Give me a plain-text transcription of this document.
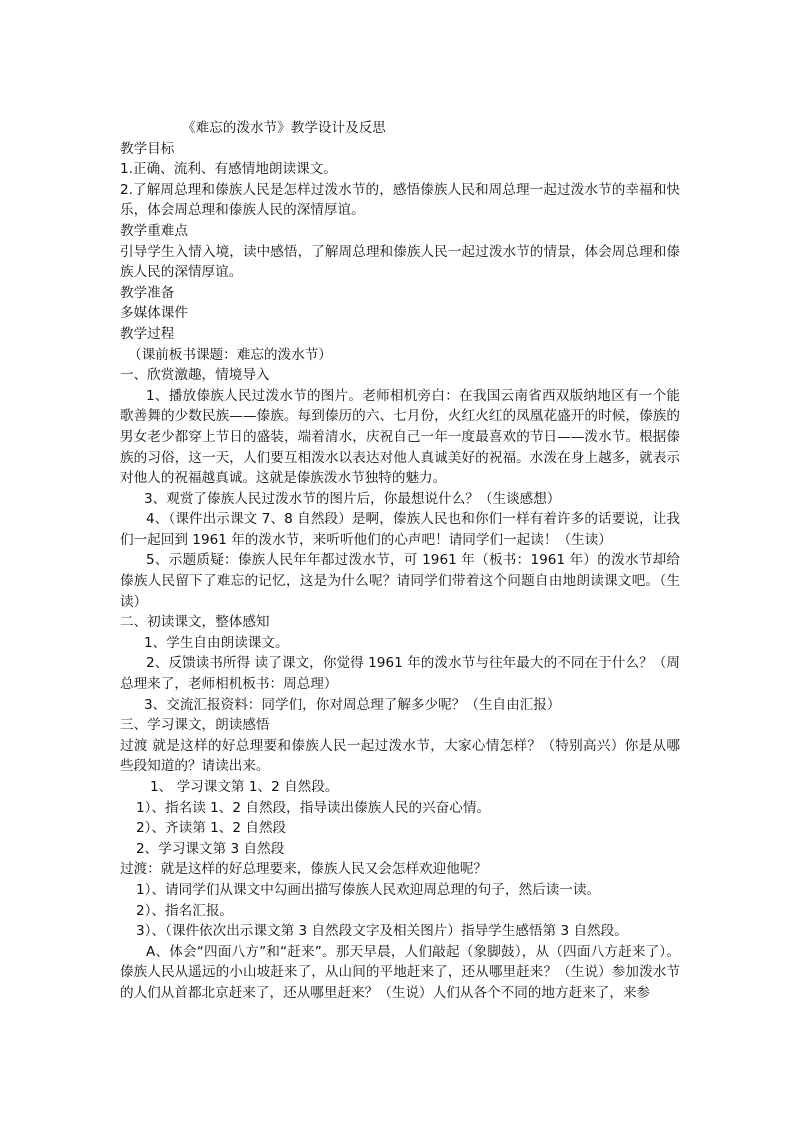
《难忘的泼水节》教学设计及反思
教学目标
1.正确、流利、有感情地朗读课文。
2.了解周总理和傣族人民是怎样过泼水节的，感悟傣族人民和周总理一起过泼水节的幸福和快乐，体会周总理和傣族人民的深情厚谊。
教学重难点
引导学生入情入境，读中感悟，了解周总理和傣族人民一起过泼水节的情景，体会周总理和傣族人民的深情厚谊。
教学准备
多媒体课件
教学过程
（课前板书课题：难忘的泼水节）
一、欣赏激趣，情境导入
1、播放傣族人民过泼水节的图片。老师相机旁白：在我国云南省西双版纳地区有一个能歌善舞的少数民族——傣族。每到傣历的六、七月份，火红火红的凤凰花盛开的时候，傣族的男女老少都穿上节日的盛装，端着清水，庆祝自己一年一度最喜欢的节日——泼水节。根据傣族的习俗，这一天，人们要互相泼水以表达对他人真诚美好的祝福。水泼在身上越多，就表示对他人的祝福越真诚。这就是傣族泼水节独特的魅力。
3、观赏了傣族人民过泼水节的图片后，你最想说什么？（生谈感想）
4、（课件出示课文 7、8 自然段）是啊，傣族人民也和你们一样有着许多的话要说，让我们一起回到 1961 年的泼水节，来听听他们的心声吧！请同学们一起读！（生读）
5、示题质疑：傣族人民年年都过泼水节，可 1961 年（板书：1961 年）的泼水节却给傣族人民留下了难忘的记忆，这是为什么呢？请同学们带着这个问题自由地朗读课文吧。（生读）
二、初读课文，整体感知
1、学生自由朗读课文。
2、反馈读书所得 读了课文，你觉得 1961 年的泼水节与往年最大的不同在于什么？（周总理来了，老师相机板书：周总理）
3、交流汇报资料：同学们，你对周总理了解多少呢？（生自由汇报）
三、学习课文，朗读感悟
过渡 就是这样的好总理要和傣族人民一起过泼水节，大家心情怎样？（特别高兴）你是从哪些段知道的？请读出来。
1、 学习课文第 1、2 自然段。
1）、指名读 1、2 自然段，指导读出傣族人民的兴奋心情。
2）、齐读第 1、2 自然段
2、学习课文第 3 自然段
过渡：就是这样的好总理要来，傣族人民又会怎样欢迎他呢？
1）、请同学们从课文中勾画出描写傣族人民欢迎周总理的句子，然后读一读。
2）、指名汇报。
3）、（课件依次出示课文第 3 自然段文字及相关图片）指导学生感悟第 3 自然段。
A、体会“四面八方”和“赶来”。那天早晨，人们敲起（象脚鼓），从（四面八方赶来了）。傣族人民从遥远的小山坡赶来了，从山间的平地赶来了，还从哪里赶来？（生说）参加泼水节的人们从首都北京赶来了，还从哪里赶来？（生说）人们从各个不同的地方赶来了，来参
